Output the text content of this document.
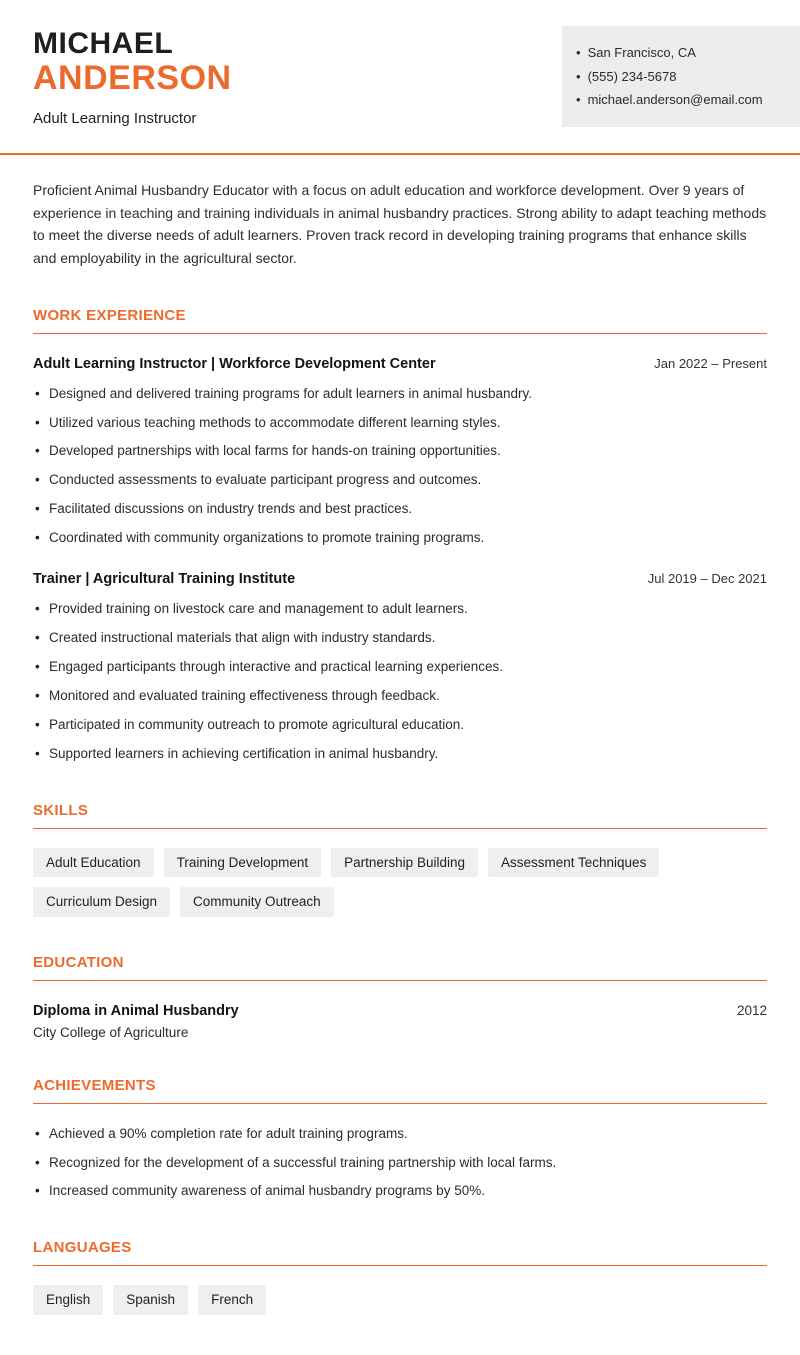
MICHAEL
ANDERSON
Adult Learning Instructor
• San Francisco, CA
• (555) 234-5678
• michael.anderson@email.com

Proficient Animal Husbandry Educator with a focus on adult education and workforce development. Over 9 years of experience in teaching and training individuals in animal husbandry practices. Strong ability to adapt teaching methods to meet the diverse needs of adult learners. Proven track record in developing training programs that enhance skills and employability in the agricultural sector.

WORK EXPERIENCE
Adult Learning Instructor | Workforce Development Center	Jan 2022 – Present
• Designed and delivered training programs for adult learners in animal husbandry.
• Utilized various teaching methods to accommodate different learning styles.
• Developed partnerships with local farms for hands-on training opportunities.
• Conducted assessments to evaluate participant progress and outcomes.
• Facilitated discussions on industry trends and best practices.
• Coordinated with community organizations to promote training programs.
Trainer | Agricultural Training Institute	Jul 2019 – Dec 2021
• Provided training on livestock care and management to adult learners.
• Created instructional materials that align with industry standards.
• Engaged participants through interactive and practical learning experiences.
• Monitored and evaluated training effectiveness through feedback.
• Participated in community outreach to promote agricultural education.
• Supported learners in achieving certification in animal husbandry.
SKILLS
Adult Education	Training Development	Partnership Building	Assessment Techniques
Curriculum Design	Community Outreach
EDUCATION
Diploma in Animal Husbandry	2012
City College of Agriculture
ACHIEVEMENTS
• Achieved a 90% completion rate for adult training programs.
• Recognized for the development of a successful training partnership with local farms.
• Increased community awareness of animal husbandry programs by 50%.
LANGUAGES
English	Spanish	French
